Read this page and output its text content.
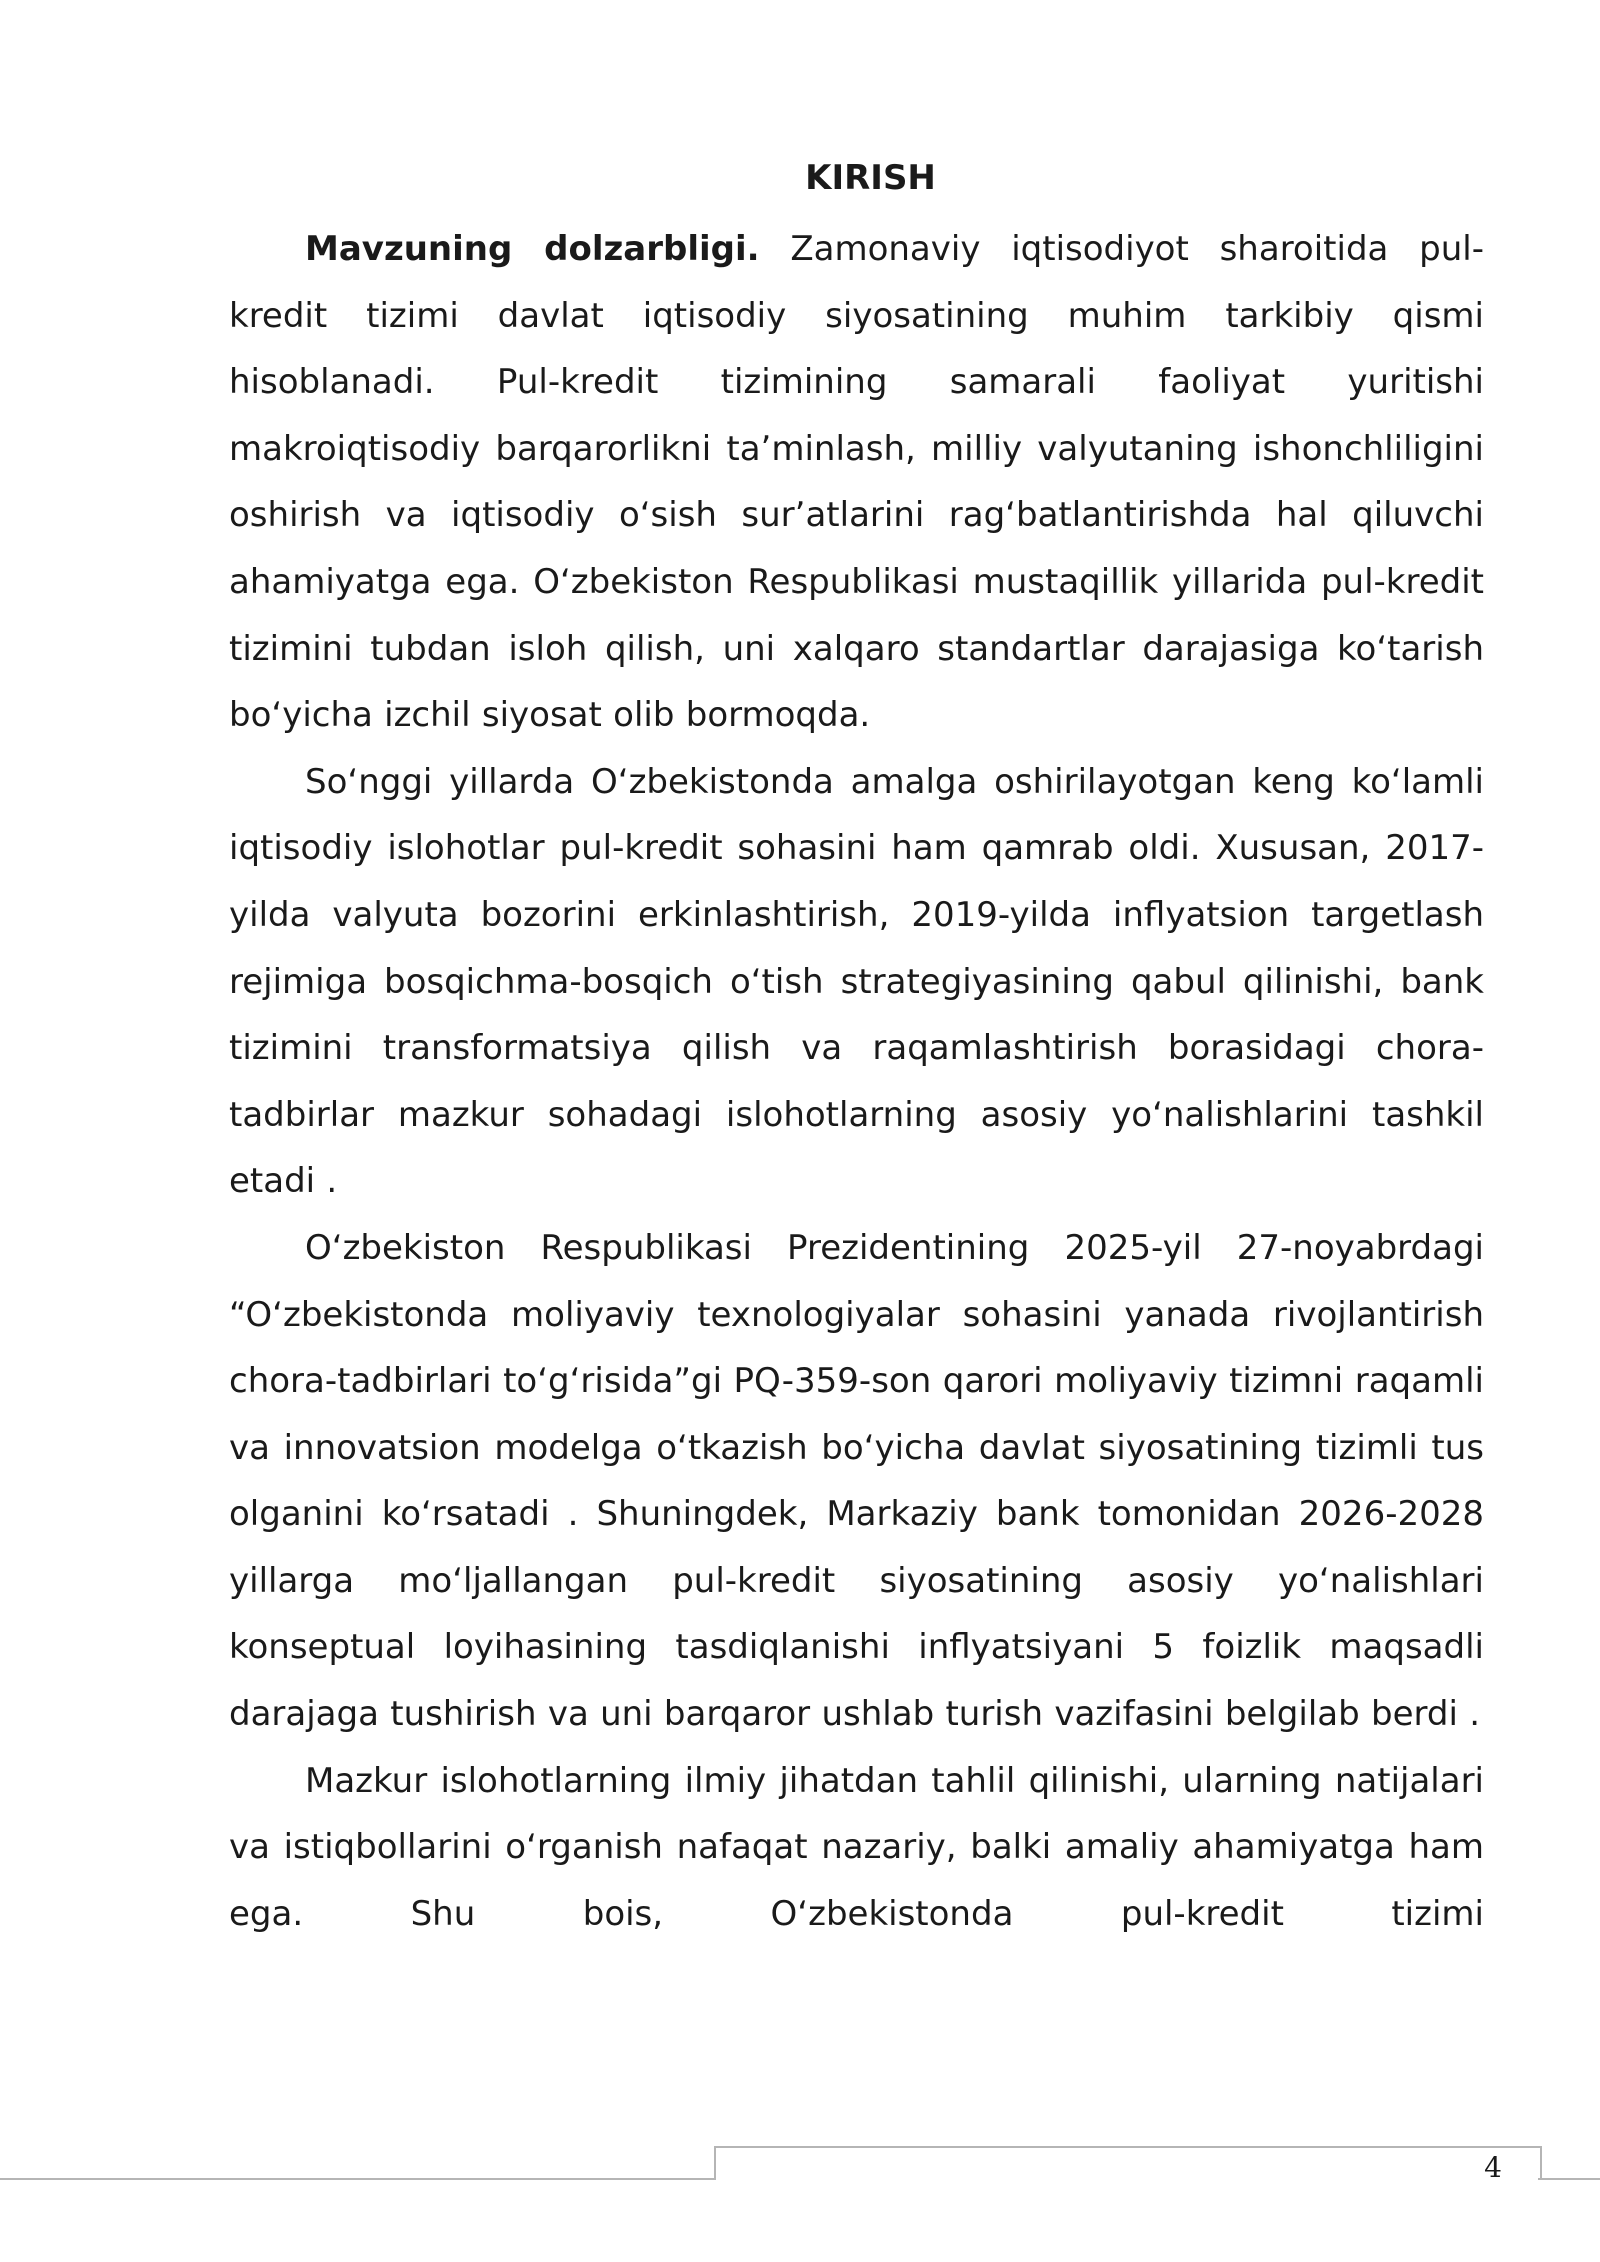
KIRISH

Mavzuning dolzarbligi. Zamonaviy iqtisodiyot sharoitida pul-kredit tizimi davlat iqtisodiy siyosatining muhim tarkibiy qismi hisoblanadi. Pul-kredit tizimining samarali faoliyat yuritishi makroiqtisodiy barqarorlikni ta’minlash, milliy valyutaning ishonchliligini oshirish va iqtisodiy oʻsish sur’atlarini ragʻbatlantirishda hal qiluvchi ahamiyatga ega. Oʻzbekiston Respublikasi mustaqillik yillarida pul-kredit tizimini tubdan isloh qilish, uni xalqaro standartlar darajasiga koʻtarish boʻyicha izchil siyosat olib bormoqda.

Soʻnggi yillarda Oʻzbekistonda amalga oshirilayotgan keng koʻlamli iqtisodiy islohotlar pul-kredit sohasini ham qamrab oldi. Xususan, 2017-yilda valyuta bozorini erkinlashtirish, 2019-yilda inflyatsion targetlash rejimiga bosqichma-bosqich oʻtish strategiyasining qabul qilinishi, bank tizimini transformatsiya qilish va raqamlashtirish borasidagi chora-tadbirlar mazkur sohadagi islohotlarning asosiy yoʻnalishlarini tashkil etadi .

Oʻzbekiston Respublikasi Prezidentining 2025-yil 27-noyabrdagi “Oʻzbekistonda moliyaviy texnologiyalar sohasini yanada rivojlantirish chora-tadbirlari toʻgʻrisida”gi PQ-359-son qarori moliyaviy tizimni raqamli va innovatsion modelga oʻtkazish boʻyicha davlat siyosatining tizimli tus olganini koʻrsatadi . Shuningdek, Markaziy bank tomonidan 2026-2028 yillarga moʻljallangan pul-kredit siyosatining asosiy yoʻnalishlari konseptual loyihasining tasdiqlanishi inflyatsiyani 5 foizlik maqsadli darajaga tushirish va uni barqaror ushlab turish vazifasini belgilab berdi .

Mazkur islohotlarning ilmiy jihatdan tahlil qilinishi, ularning natijalari va istiqbollarini oʻrganish nafaqat nazariy, balki amaliy ahamiyatga ham ega. Shu bois, Oʻzbekistonda pul-kredit tizimi

4
